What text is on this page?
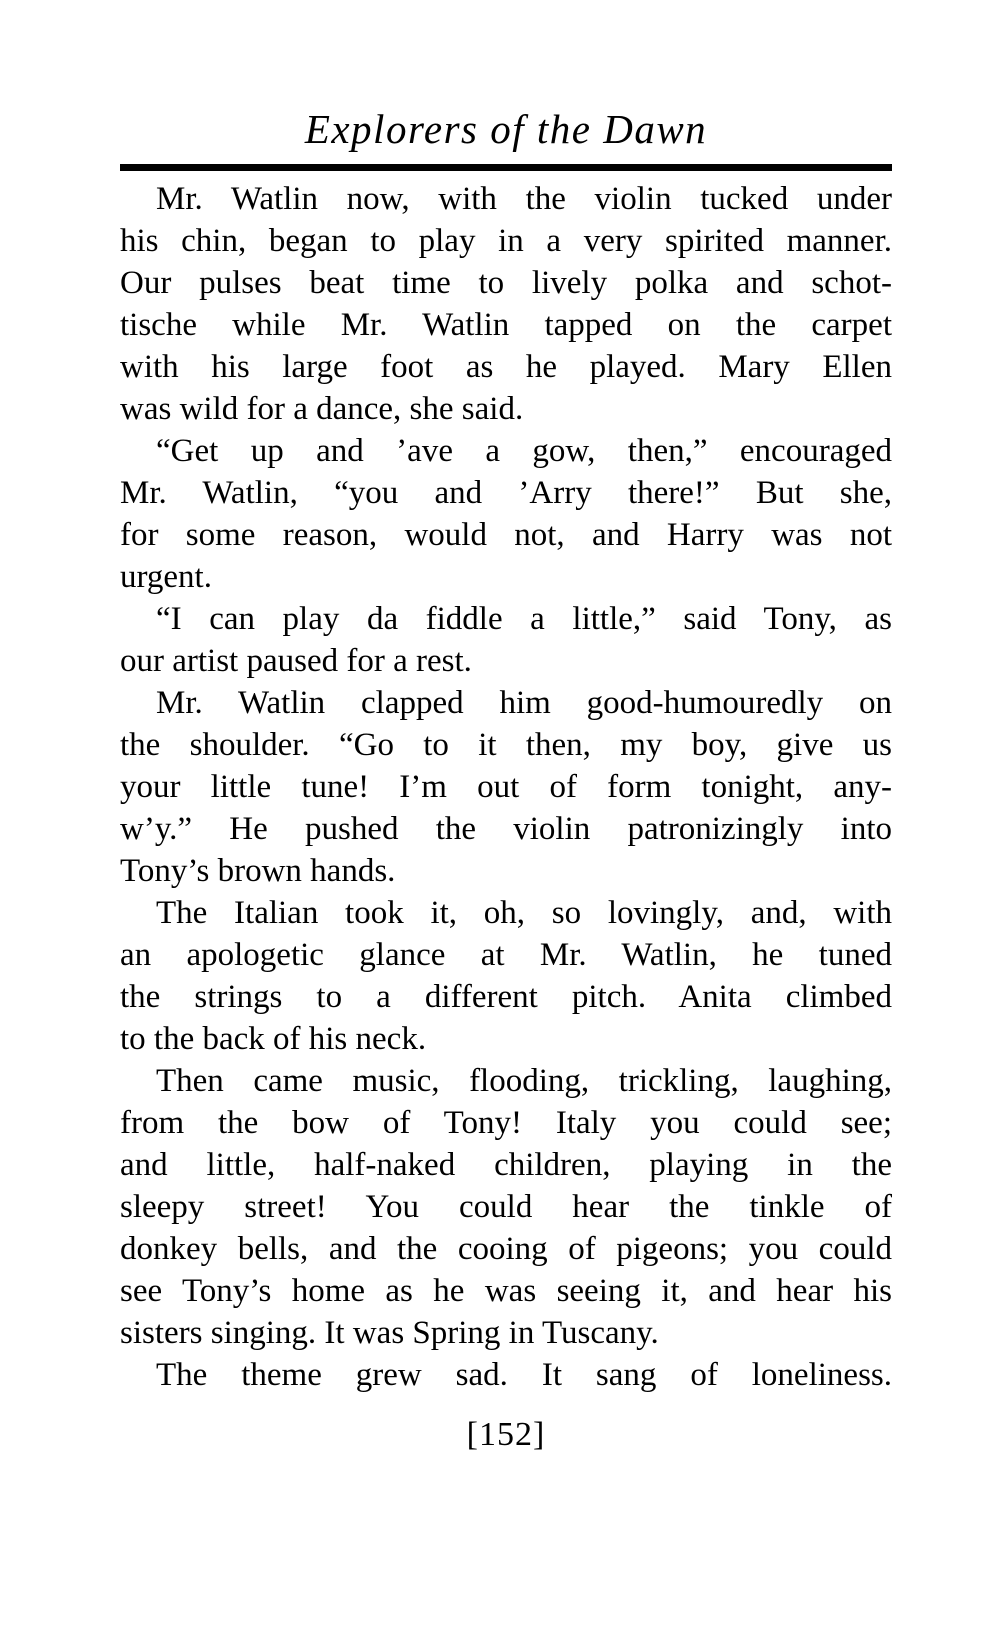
Explorers of the Dawn
Mr. Watlin now, with the violin tucked under
his chin, began to play in a very spirited manner.
Our pulses beat time to lively polka and schot-
tische while Mr. Watlin tapped on the carpet
with his large foot as he played. Mary Ellen
was wild for a dance, she said.
“Get up and ’ave a gow, then,” encouraged
Mr. Watlin, “you and ’Arry there!” But she,
for some reason, would not, and Harry was not
urgent.
“I can play da fiddle a little,” said Tony, as
our artist paused for a rest.
Mr. Watlin clapped him good-humouredly on
the shoulder. “Go to it then, my boy, give us
your little tune! I’m out of form tonight, any-
w’y.” He pushed the violin patronizingly into
Tony’s brown hands.
The Italian took it, oh, so lovingly, and, with
an apologetic glance at Mr. Watlin, he tuned
the strings to a different pitch. Anita climbed
to the back of his neck.
Then came music, flooding, trickling, laughing,
from the bow of Tony! Italy you could see;
and little, half-naked children, playing in the
sleepy street! You could hear the tinkle of
donkey bells, and the cooing of pigeons; you could
see Tony’s home as he was seeing it, and hear his
sisters singing. It was Spring in Tuscany.
The theme grew sad. It sang of loneliness.
[152]
